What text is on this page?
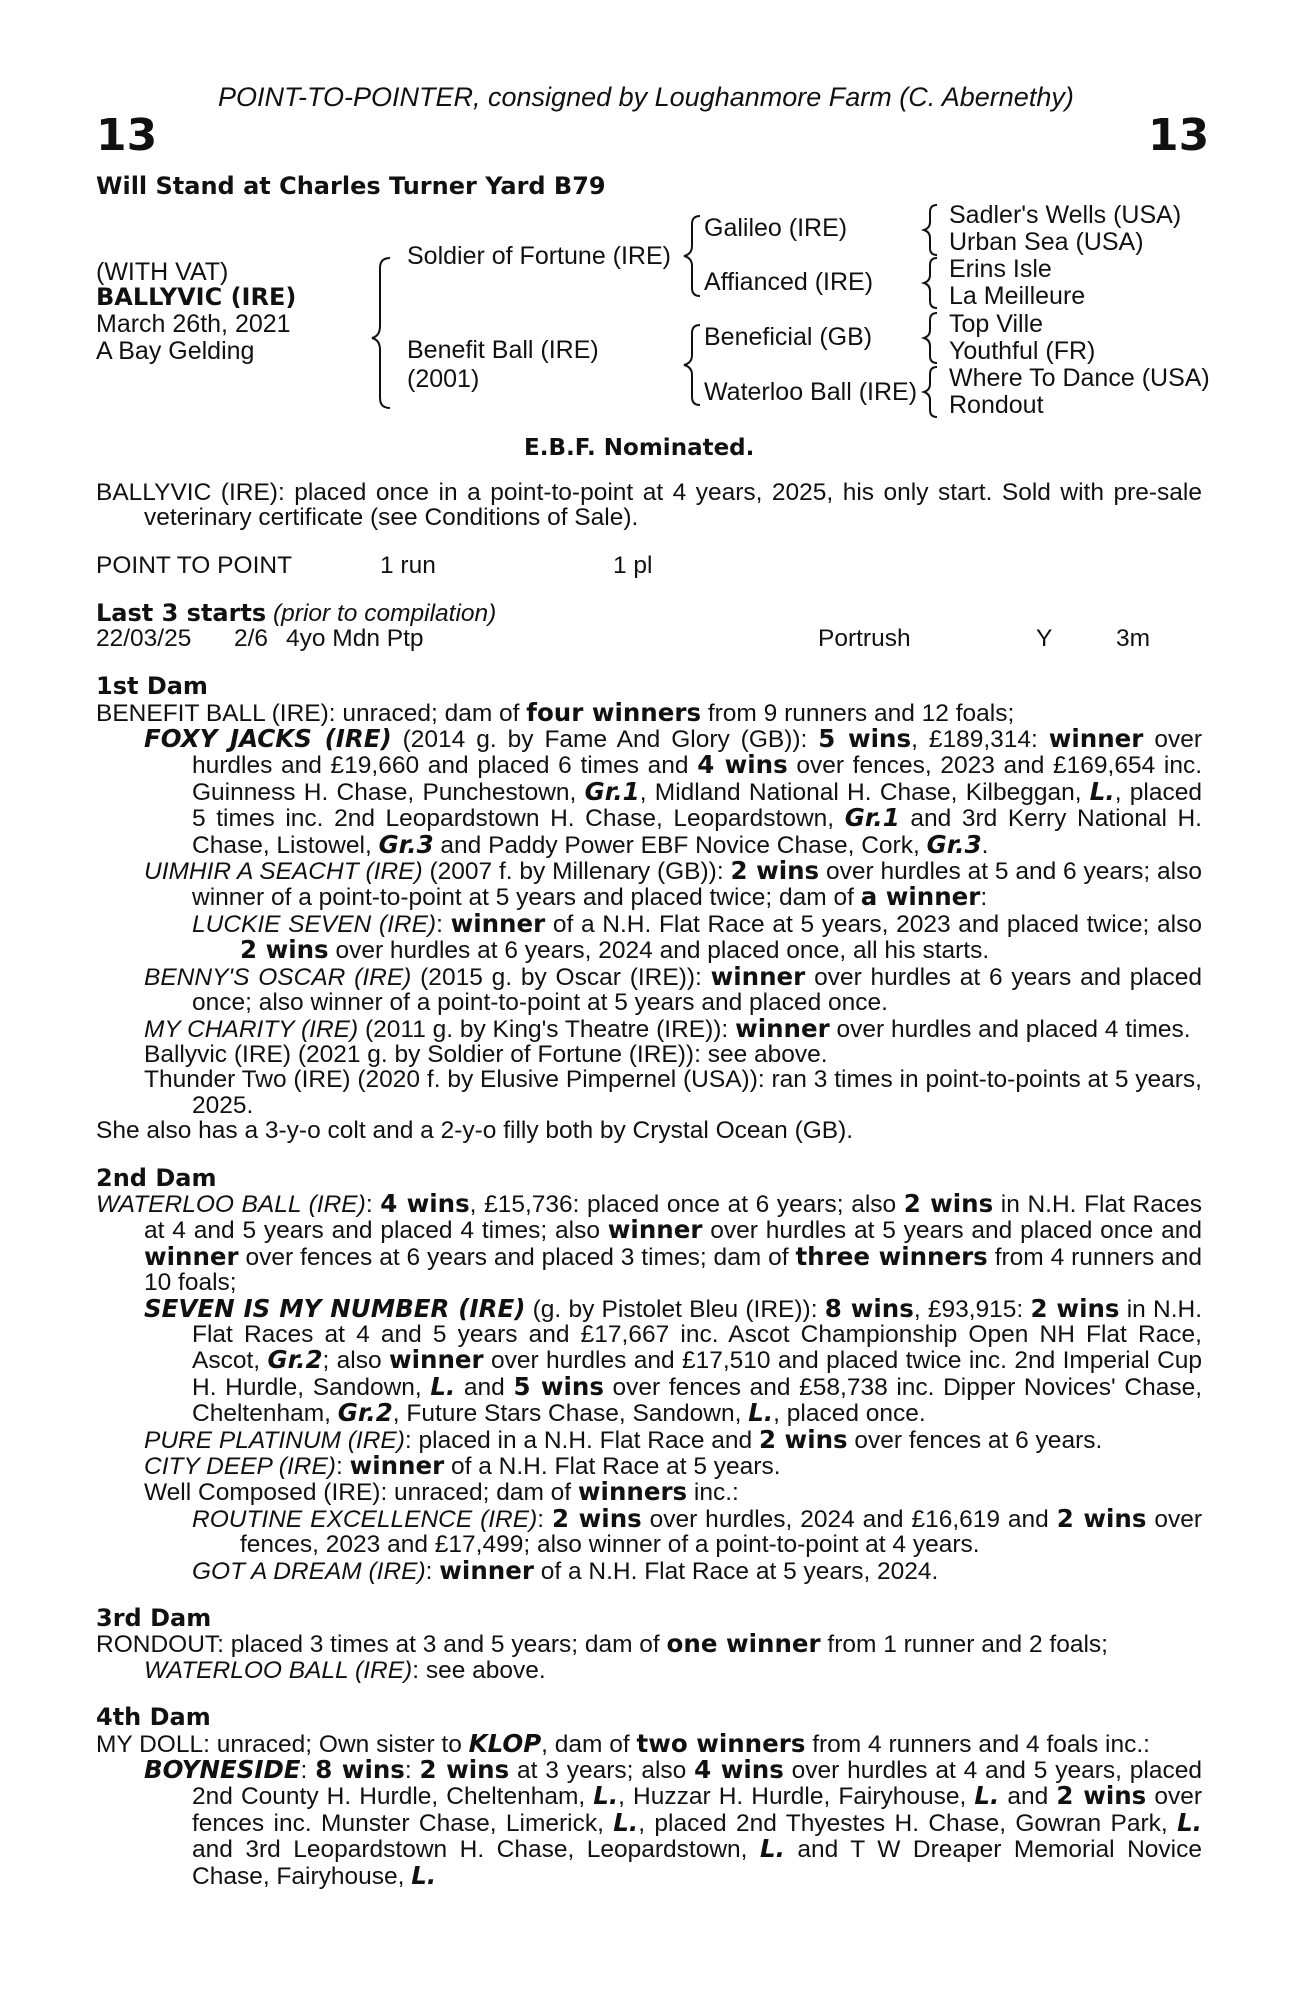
POINT-TO-POINTER, consigned by Loughanmore Farm (C. Abernethy)
13	13
Will Stand at Charles Turner Yard B79
(WITH VAT)
BALLYVIC (IRE)
March 26th, 2021
A Bay Gelding
Soldier of Fortune (IRE)
Benefit Ball (IRE)
(2001)
Galileo (IRE)
Affianced (IRE)
Beneficial (GB)
Waterloo Ball (IRE)
Sadler's Wells (USA)
Urban Sea (USA)
Erins Isle
La Meilleure
Top Ville
Youthful (FR)
Where To Dance (USA)
Rondout
E.B.F. Nominated.
BALLYVIC (IRE): placed once in a point-to-point at 4 years, 2025, his only start. Sold with pre-sale veterinary certificate (see Conditions of Sale).
POINT TO POINT	1 run	1 pl
Last 3 starts (prior to compilation)
22/03/25 2/6 4yo Mdn Ptp	Portrush	Y	3m
1st Dam
BENEFIT BALL (IRE): unraced; dam of four winners from 9 runners and 12 foals;
FOXY JACKS (IRE) (2014 g. by Fame And Glory (GB)): 5 wins, £189,314: winner over hurdles and £19,660 and placed 6 times and 4 wins over fences, 2023 and £169,654 inc. Guinness H. Chase, Punchestown, Gr.1, Midland National H. Chase, Kilbeggan, L., placed 5 times inc. 2nd Leopardstown H. Chase, Leopardstown, Gr.1 and 3rd Kerry National H. Chase, Listowel, Gr.3 and Paddy Power EBF Novice Chase, Cork, Gr.3.
UIMHIR A SEACHT (IRE) (2007 f. by Millenary (GB)): 2 wins over hurdles at 5 and 6 years; also winner of a point-to-point at 5 years and placed twice; dam of a winner:
LUCKIE SEVEN (IRE): winner of a N.H. Flat Race at 5 years, 2023 and placed twice; also 2 wins over hurdles at 6 years, 2024 and placed once, all his starts.
BENNY'S OSCAR (IRE) (2015 g. by Oscar (IRE)): winner over hurdles at 6 years and placed once; also winner of a point-to-point at 5 years and placed once.
MY CHARITY (IRE) (2011 g. by King's Theatre (IRE)): winner over hurdles and placed 4 times.
Ballyvic (IRE) (2021 g. by Soldier of Fortune (IRE)): see above.
Thunder Two (IRE) (2020 f. by Elusive Pimpernel (USA)): ran 3 times in point-to-points at 5 years, 2025.
She also has a 3-y-o colt and a 2-y-o filly both by Crystal Ocean (GB).
2nd Dam
WATERLOO BALL (IRE): 4 wins, £15,736: placed once at 6 years; also 2 wins in N.H. Flat Races at 4 and 5 years and placed 4 times; also winner over hurdles at 5 years and placed once and winner over fences at 6 years and placed 3 times; dam of three winners from 4 runners and 10 foals;
SEVEN IS MY NUMBER (IRE) (g. by Pistolet Bleu (IRE)): 8 wins, £93,915: 2 wins in N.H. Flat Races at 4 and 5 years and £17,667 inc. Ascot Championship Open NH Flat Race, Ascot, Gr.2; also winner over hurdles and £17,510 and placed twice inc. 2nd Imperial Cup H. Hurdle, Sandown, L. and 5 wins over fences and £58,738 inc. Dipper Novices' Chase, Cheltenham, Gr.2, Future Stars Chase, Sandown, L., placed once.
PURE PLATINUM (IRE): placed in a N.H. Flat Race and 2 wins over fences at 6 years.
CITY DEEP (IRE): winner of a N.H. Flat Race at 5 years.
Well Composed (IRE): unraced; dam of winners inc.:
ROUTINE EXCELLENCE (IRE): 2 wins over hurdles, 2024 and £16,619 and 2 wins over fences, 2023 and £17,499; also winner of a point-to-point at 4 years.
GOT A DREAM (IRE): winner of a N.H. Flat Race at 5 years, 2024.
3rd Dam
RONDOUT: placed 3 times at 3 and 5 years; dam of one winner from 1 runner and 2 foals;
WATERLOO BALL (IRE): see above.
4th Dam
MY DOLL: unraced; Own sister to KLOP, dam of two winners from 4 runners and 4 foals inc.:
BOYNESIDE: 8 wins: 2 wins at 3 years; also 4 wins over hurdles at 4 and 5 years, placed 2nd County H. Hurdle, Cheltenham, L., Huzzar H. Hurdle, Fairyhouse, L. and 2 wins over fences inc. Munster Chase, Limerick, L., placed 2nd Thyestes H. Chase, Gowran Park, L. and 3rd Leopardstown H. Chase, Leopardstown, L. and T W Dreaper Memorial Novice Chase, Fairyhouse, L.
